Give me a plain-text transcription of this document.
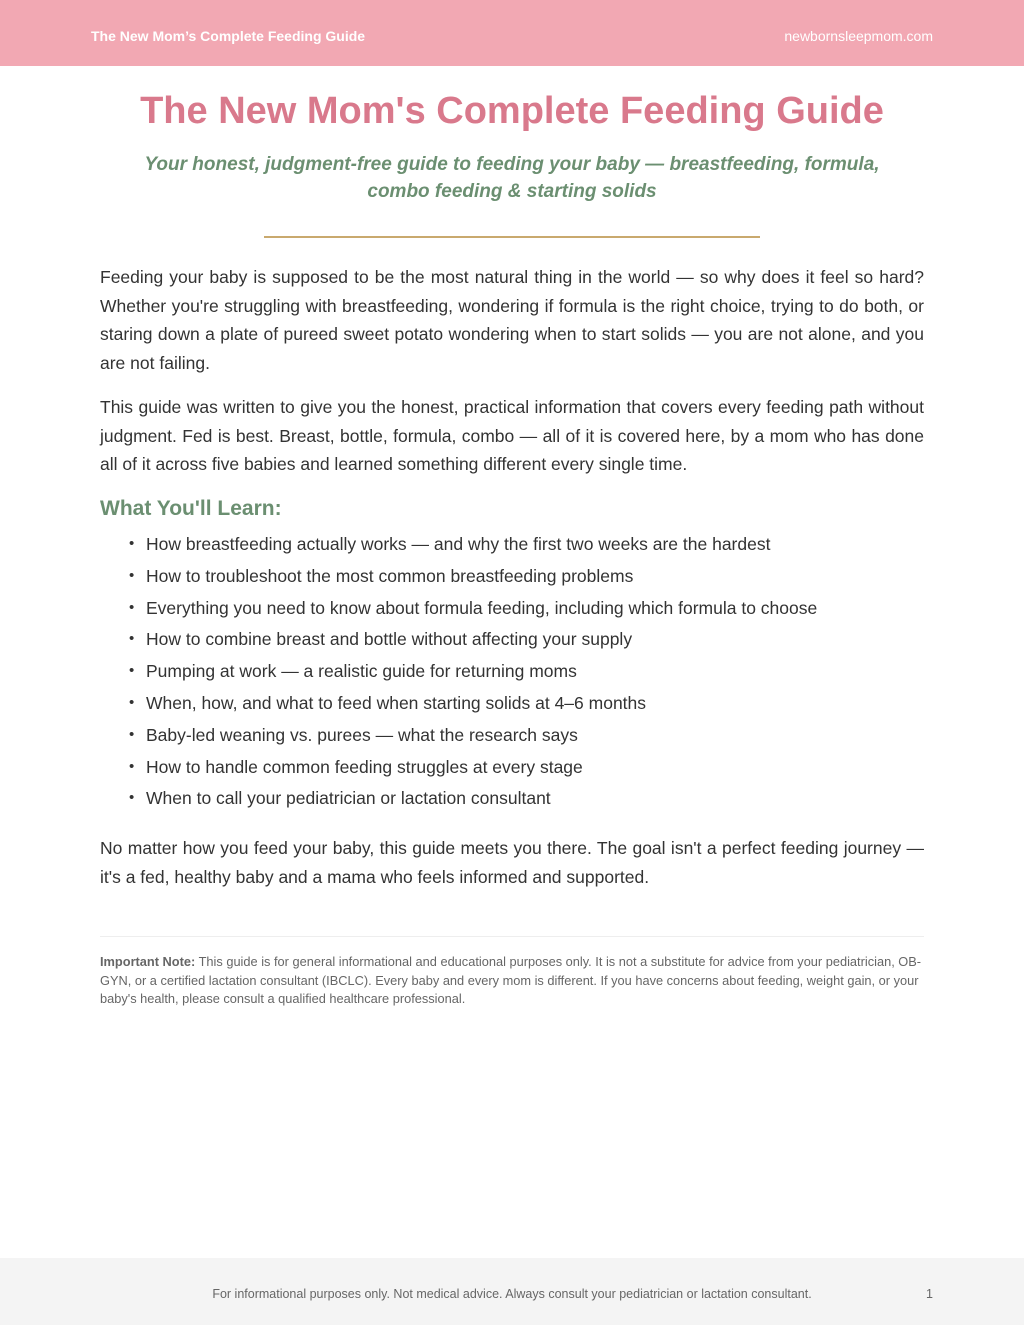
The New Mom’s Complete Feeding Guide	newbornsleepmom.com
The New Mom's Complete Feeding Guide
Your honest, judgment-free guide to feeding your baby — breastfeeding, formula, combo feeding & starting solids

Feeding your baby is supposed to be the most natural thing in the world — so why does it feel so hard? Whether you're struggling with breastfeeding, wondering if formula is the right choice, trying to do both, or staring down a plate of pureed sweet potato wondering when to start solids — you are not alone, and you are not failing.

This guide was written to give you the honest, practical information that covers every feeding path without judgment. Fed is best. Breast, bottle, formula, combo — all of it is covered here, by a mom who has done all of it across five babies and learned something different every single time.

What You'll Learn:
• How breastfeeding actually works — and why the first two weeks are the hardest
• How to troubleshoot the most common breastfeeding problems
• Everything you need to know about formula feeding, including which formula to choose
• How to combine breast and bottle without affecting your supply
• Pumping at work — a realistic guide for returning moms
• When, how, and what to feed when starting solids at 4–6 months
• Baby-led weaning vs. purees — what the research says
• How to handle common feeding struggles at every stage
• When to call your pediatrician or lactation consultant

No matter how you feed your baby, this guide meets you there. The goal isn't a perfect feeding journey — it's a fed, healthy baby and a mama who feels informed and supported.

Important Note: This guide is for general informational and educational purposes only. It is not a substitute for advice from your pediatrician, OB-GYN, or a certified lactation consultant (IBCLC). Every baby and every mom is different. If you have concerns about feeding, weight gain, or your baby's health, please consult a qualified healthcare professional.

For informational purposes only. Not medical advice. Always consult your pediatrician or lactation consultant.	1
